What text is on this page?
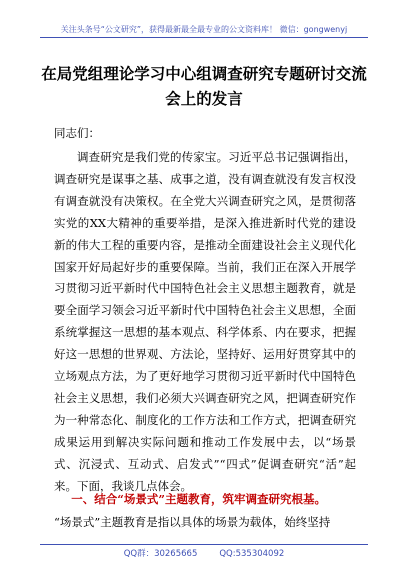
关注头条号“公文研究”，获得最新最全最专业的公文资料库！ 微信：gongwenyj
在局党组理论学习中心组调查研究专题研讨交流会上的发言
同志们：

调查研究是我们党的传家宝。习近平总书记强调指出，调查研究是谋事之基、成事之道，没有调查就没有发言权没有调查就没有决策权。在全党大兴调查研究之风，是贯彻落实党的XX大精神的重要举措，是深入推进新时代党的建设新的伟大工程的重要内容，是推动全面建设社会主义现代化国家开好局起好步的重要保障。当前，我们正在深入开展学习贯彻习近平新时代中国特色社会主义思想主题教育，就是要全面学习领会习近平新时代中国特色社会主义思想，全面系统掌握这一思想的基本观点、科学体系、内在要求，把握好这一思想的世界观、方法论，坚持好、运用好贯穿其中的立场观点方法，为了更好地学习贯彻习近平新时代中国特色社会主义思想，我们必须大兴调查研究之风，把调查研究作为一种常态化、制度化的工作方法和工作方式，把调查研究成果运用到解决实际问题和推动工作发展中去，以“场景式、沉浸式、互动式、启发式”“四式”促调查研究“活”起来。下面，我谈几点体会。

一、结合“场景式”主题教育，筑牢调查研究根基。

“场景式”主题教育是指以具体的场景为载体，始终坚持

QQ群：30265665	QQ:535304092
